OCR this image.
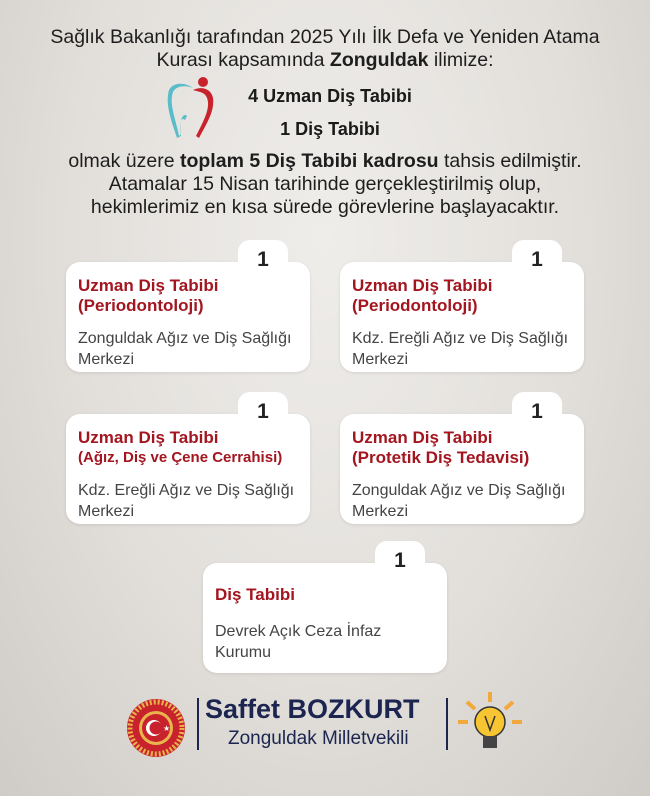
Sağlık Bakanlığı tarafından 2025 Yılı İlk Defa ve Yeniden Atama
Kurası kapsamında Zonguldak ilimize:
4 Uzman Diş Tabibi
1 Diş Tabibi
olmak üzere toplam 5 Diş Tabibi kadrosu tahsis edilmiştir.
Atamalar 15 Nisan tarihinde gerçekleştirilmiş olup,
hekimlerimiz en kısa sürede görevlerine başlayacaktır.
1
Uzman Diş Tabibi
(Periodontoloji)
Zonguldak Ağız ve Diş Sağlığı Merkezi
1
Uzman Diş Tabibi
(Periodontoloji)
Kdz. Ereğli Ağız ve Diş Sağlığı Merkezi
1
Uzman Diş Tabibi
(Ağız, Diş ve Çene Cerrahisi)
Kdz. Ereğli Ağız ve Diş Sağlığı Merkezi
1
Uzman Diş Tabibi
(Protetik Diş Tedavisi)
Zonguldak Ağız ve Diş Sağlığı Merkezi
1
Diş Tabibi
Devrek Açık Ceza İnfaz Kurumu
★
Saffet BOZKURT
Zonguldak Milletvekili
